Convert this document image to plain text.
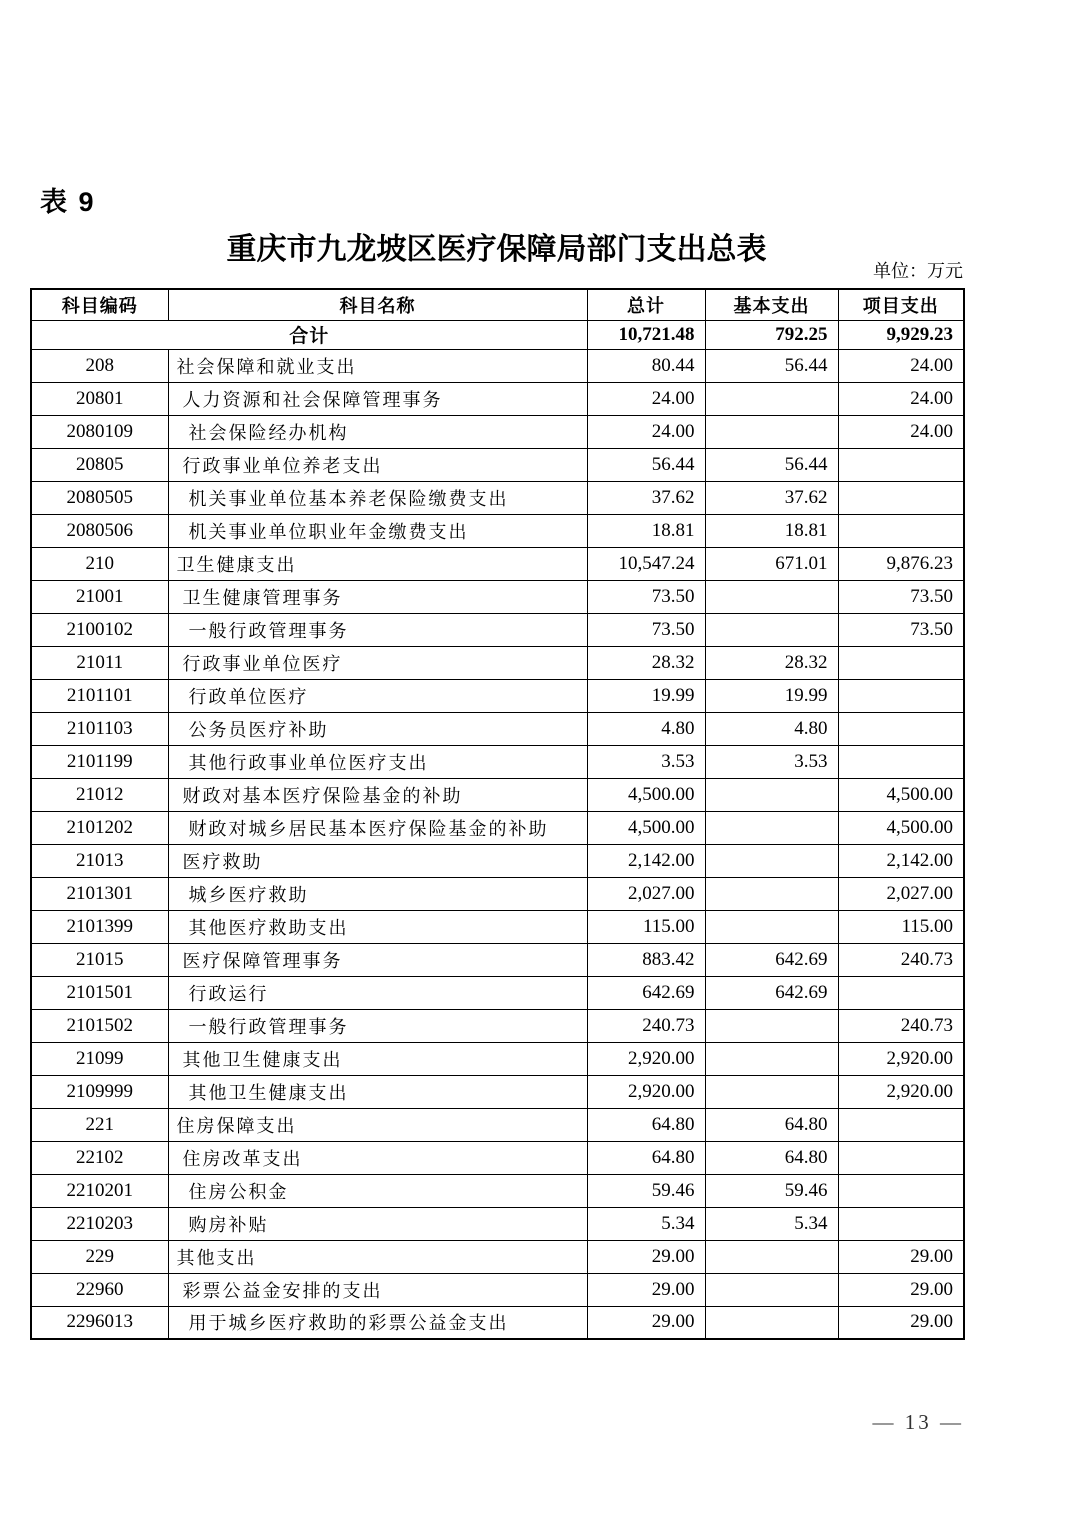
表 9
重庆市九龙坡区医疗保障局部门支出总表
单位：万元
科目编码	科目名称	总计	基本支出	项目支出
合计		10,721.48	792.25	9,929.23
208	社会保障和就业支出	80.44	56.44	24.00
20801	人力资源和社会保障管理事务	24.00		24.00
2080109	社会保险经办机构	24.00		24.00
20805	行政事业单位养老支出	56.44	56.44	
2080505	机关事业单位基本养老保险缴费支出	37.62	37.62	
2080506	机关事业单位职业年金缴费支出	18.81	18.81	
210	卫生健康支出	10,547.24	671.01	9,876.23
21001	卫生健康管理事务	73.50		73.50
2100102	一般行政管理事务	73.50		73.50
21011	行政事业单位医疗	28.32	28.32	
2101101	行政单位医疗	19.99	19.99	
2101103	公务员医疗补助	4.80	4.80	
2101199	其他行政事业单位医疗支出	3.53	3.53	
21012	财政对基本医疗保险基金的补助	4,500.00		4,500.00
2101202	财政对城乡居民基本医疗保险基金的补助	4,500.00		4,500.00
21013	医疗救助	2,142.00		2,142.00
2101301	城乡医疗救助	2,027.00		2,027.00
2101399	其他医疗救助支出	115.00		115.00
21015	医疗保障管理事务	883.42	642.69	240.73
2101501	行政运行	642.69	642.69	
2101502	一般行政管理事务	240.73		240.73
21099	其他卫生健康支出	2,920.00		2,920.00
2109999	其他卫生健康支出	2,920.00		2,920.00
221	住房保障支出	64.80	64.80	
22102	住房改革支出	64.80	64.80	
2210201	住房公积金	59.46	59.46	
2210203	购房补贴	5.34	5.34	
229	其他支出	29.00		29.00
22960	彩票公益金安排的支出	29.00		29.00
2296013	用于城乡医疗救助的彩票公益金支出	29.00		29.00
— 13 —
